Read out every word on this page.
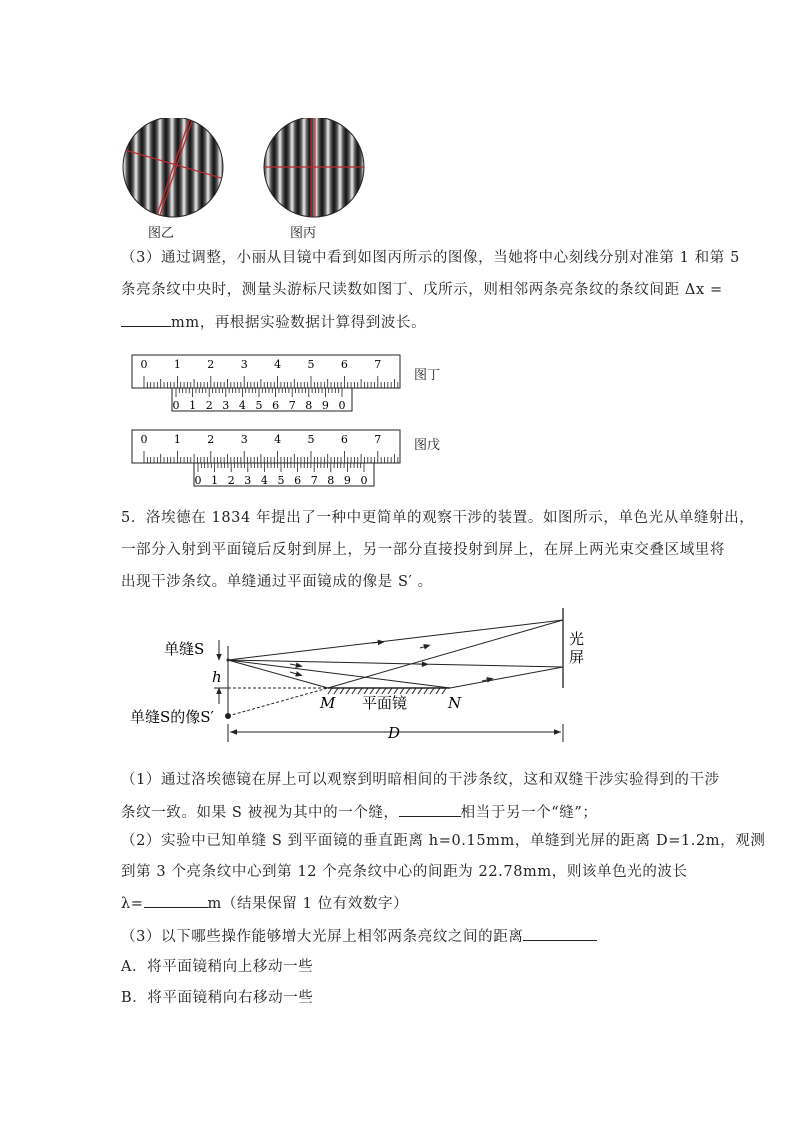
图乙	图丙
（3）通过调整，小丽从目镜中看到如图丙所示的图像，当她将中心刻线分别对准第 1 和第 5
条亮条纹中央时，测量头游标尺读数如图丁、戊所示，则相邻两条亮条纹的条纹间距 Δx =
mm，再根据实验数据计算得到波长。
0 1 2 3 4 5 6 7
0 1 2 3 4 5 6 7 8 9 0
0 1 2 3 4 5 6 7
0 1 2 3 4 5 6 7 8 9 0
图丁
图戊
5．洛埃德在 1834 年提出了一种中更简单的观察干涉的装置。如图所示，单色光从单缝射出，
一部分入射到平面镜后反射到屏上，另一部分直接投射到屏上，在屏上两光束交叠区域里将
出现干涉条纹。单缝通过平面镜成的像是 S′ 。
单缝S
h
单缝S的像S′
光
屏
M 平面镜	N
D
（1）通过洛埃德镜在屏上可以观察到明暗相间的干涉条纹，这和双缝干涉实验得到的干涉
条纹一致。如果 S 被视为其中的一个缝，	相当于另一个“缝”；
（2）实验中已知单缝 S 到平面镜的垂直距离 h=0.15mm，单缝到光屏的距离 D=1.2m，观测
到第 3 个亮条纹中心到第 12 个亮条纹中心的间距为 22.78mm，则该单色光的波长
λ=	m（结果保留 1 位有效数字）
（3）以下哪些操作能够增大光屏上相邻两条亮纹之间的距离
A．将平面镜稍向上移动一些
B．将平面镜稍向右移动一些
